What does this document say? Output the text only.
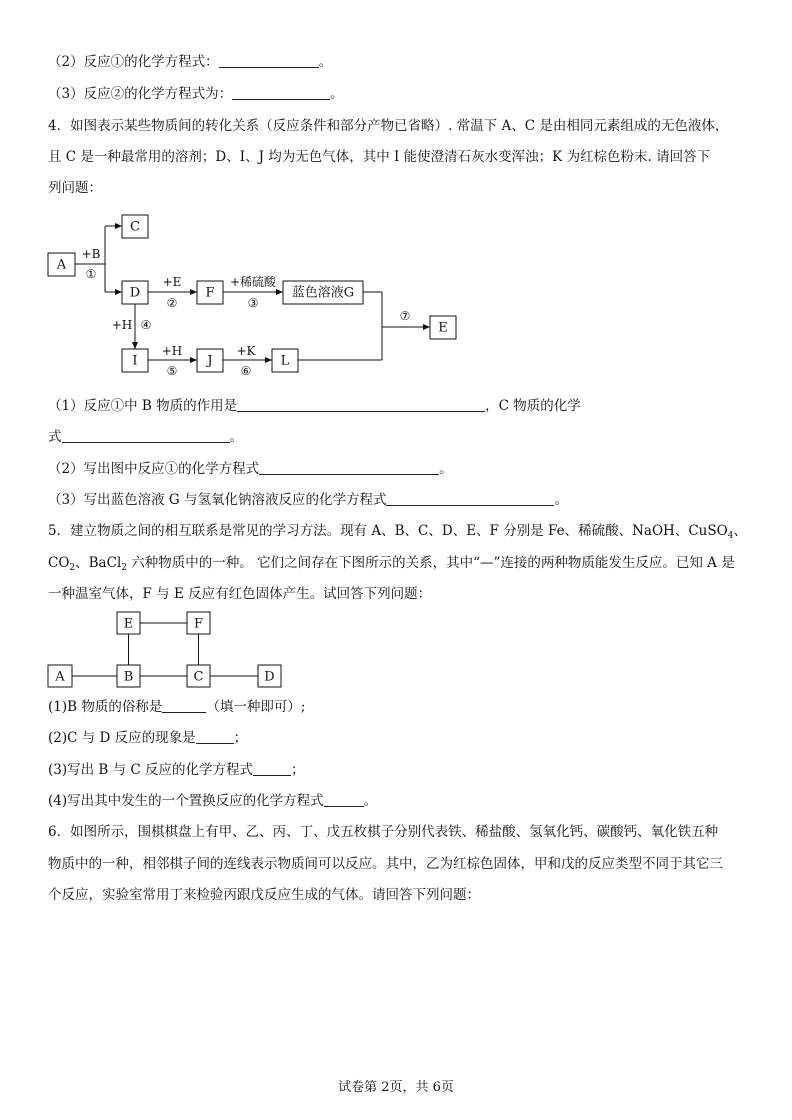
（2）反应①的化学方程式：	。
（3）反应②的化学方程式为：	。
4．如图表示某些物质间的转化关系（反应条件和部分产物已省略）. 常温下 A、C 是由相同元素组成的无色液体，
且 C 是一种最常用的溶剂；D、I、J 均为无色气体，其中 I 能使澄清石灰水变浑浊；K 为红棕色粉末. 请回答下
列问题：
A
C
D	F	蓝色溶液G
E
I	J	L
+B
①
+E
②
+稀硫酸
③
+H ④
+H
⑤
+K
⑥
⑦
（1）反应①中 B 物质的作用是	，C 物质的化学
式	。
（2）写出图中反应①的化学方程式	。
（3）写出蓝色溶液 G 与氢氧化钠溶液反应的化学方程式	。
5．建立物质之间的相互联系是常见的学习方法。现有 A、B、C、D、E、F 分别是 Fe、稀硫酸、NaOH、CuSO$_4$、
$CO_2$、BaCl$_2$ 六种物质中的一种。 它们之间存在下图所示的关系，其中“—”连接的两种物质能发生反应。已知 A 是
一种温室气体，F 与 E 反应有红色固体产生。试回答下列问题：
E	F
A	B	C	D
(1)B 物质的俗称是	（填一种即可）;
(2)C 与 D 反应的现象是	；
(3)写出 B 与 C 反应的化学方程式	；
(4)写出其中发生的一个置换反应的化学方程式	。
6．如图所示，围棋棋盘上有甲、乙、丙、丁、戊五枚棋子分别代表铁、稀盐酸、氢氧化钙、碳酸钙、氧化铁五种
物质中的一种，相邻棋子间的连线表示物质间可以反应。其中，乙为红棕色固体，甲和戊的反应类型不同于其它三
个反应，实验室常用丁来检验丙跟戊反应生成的气体。请回答下列问题：
试卷第 2页，共 6页
